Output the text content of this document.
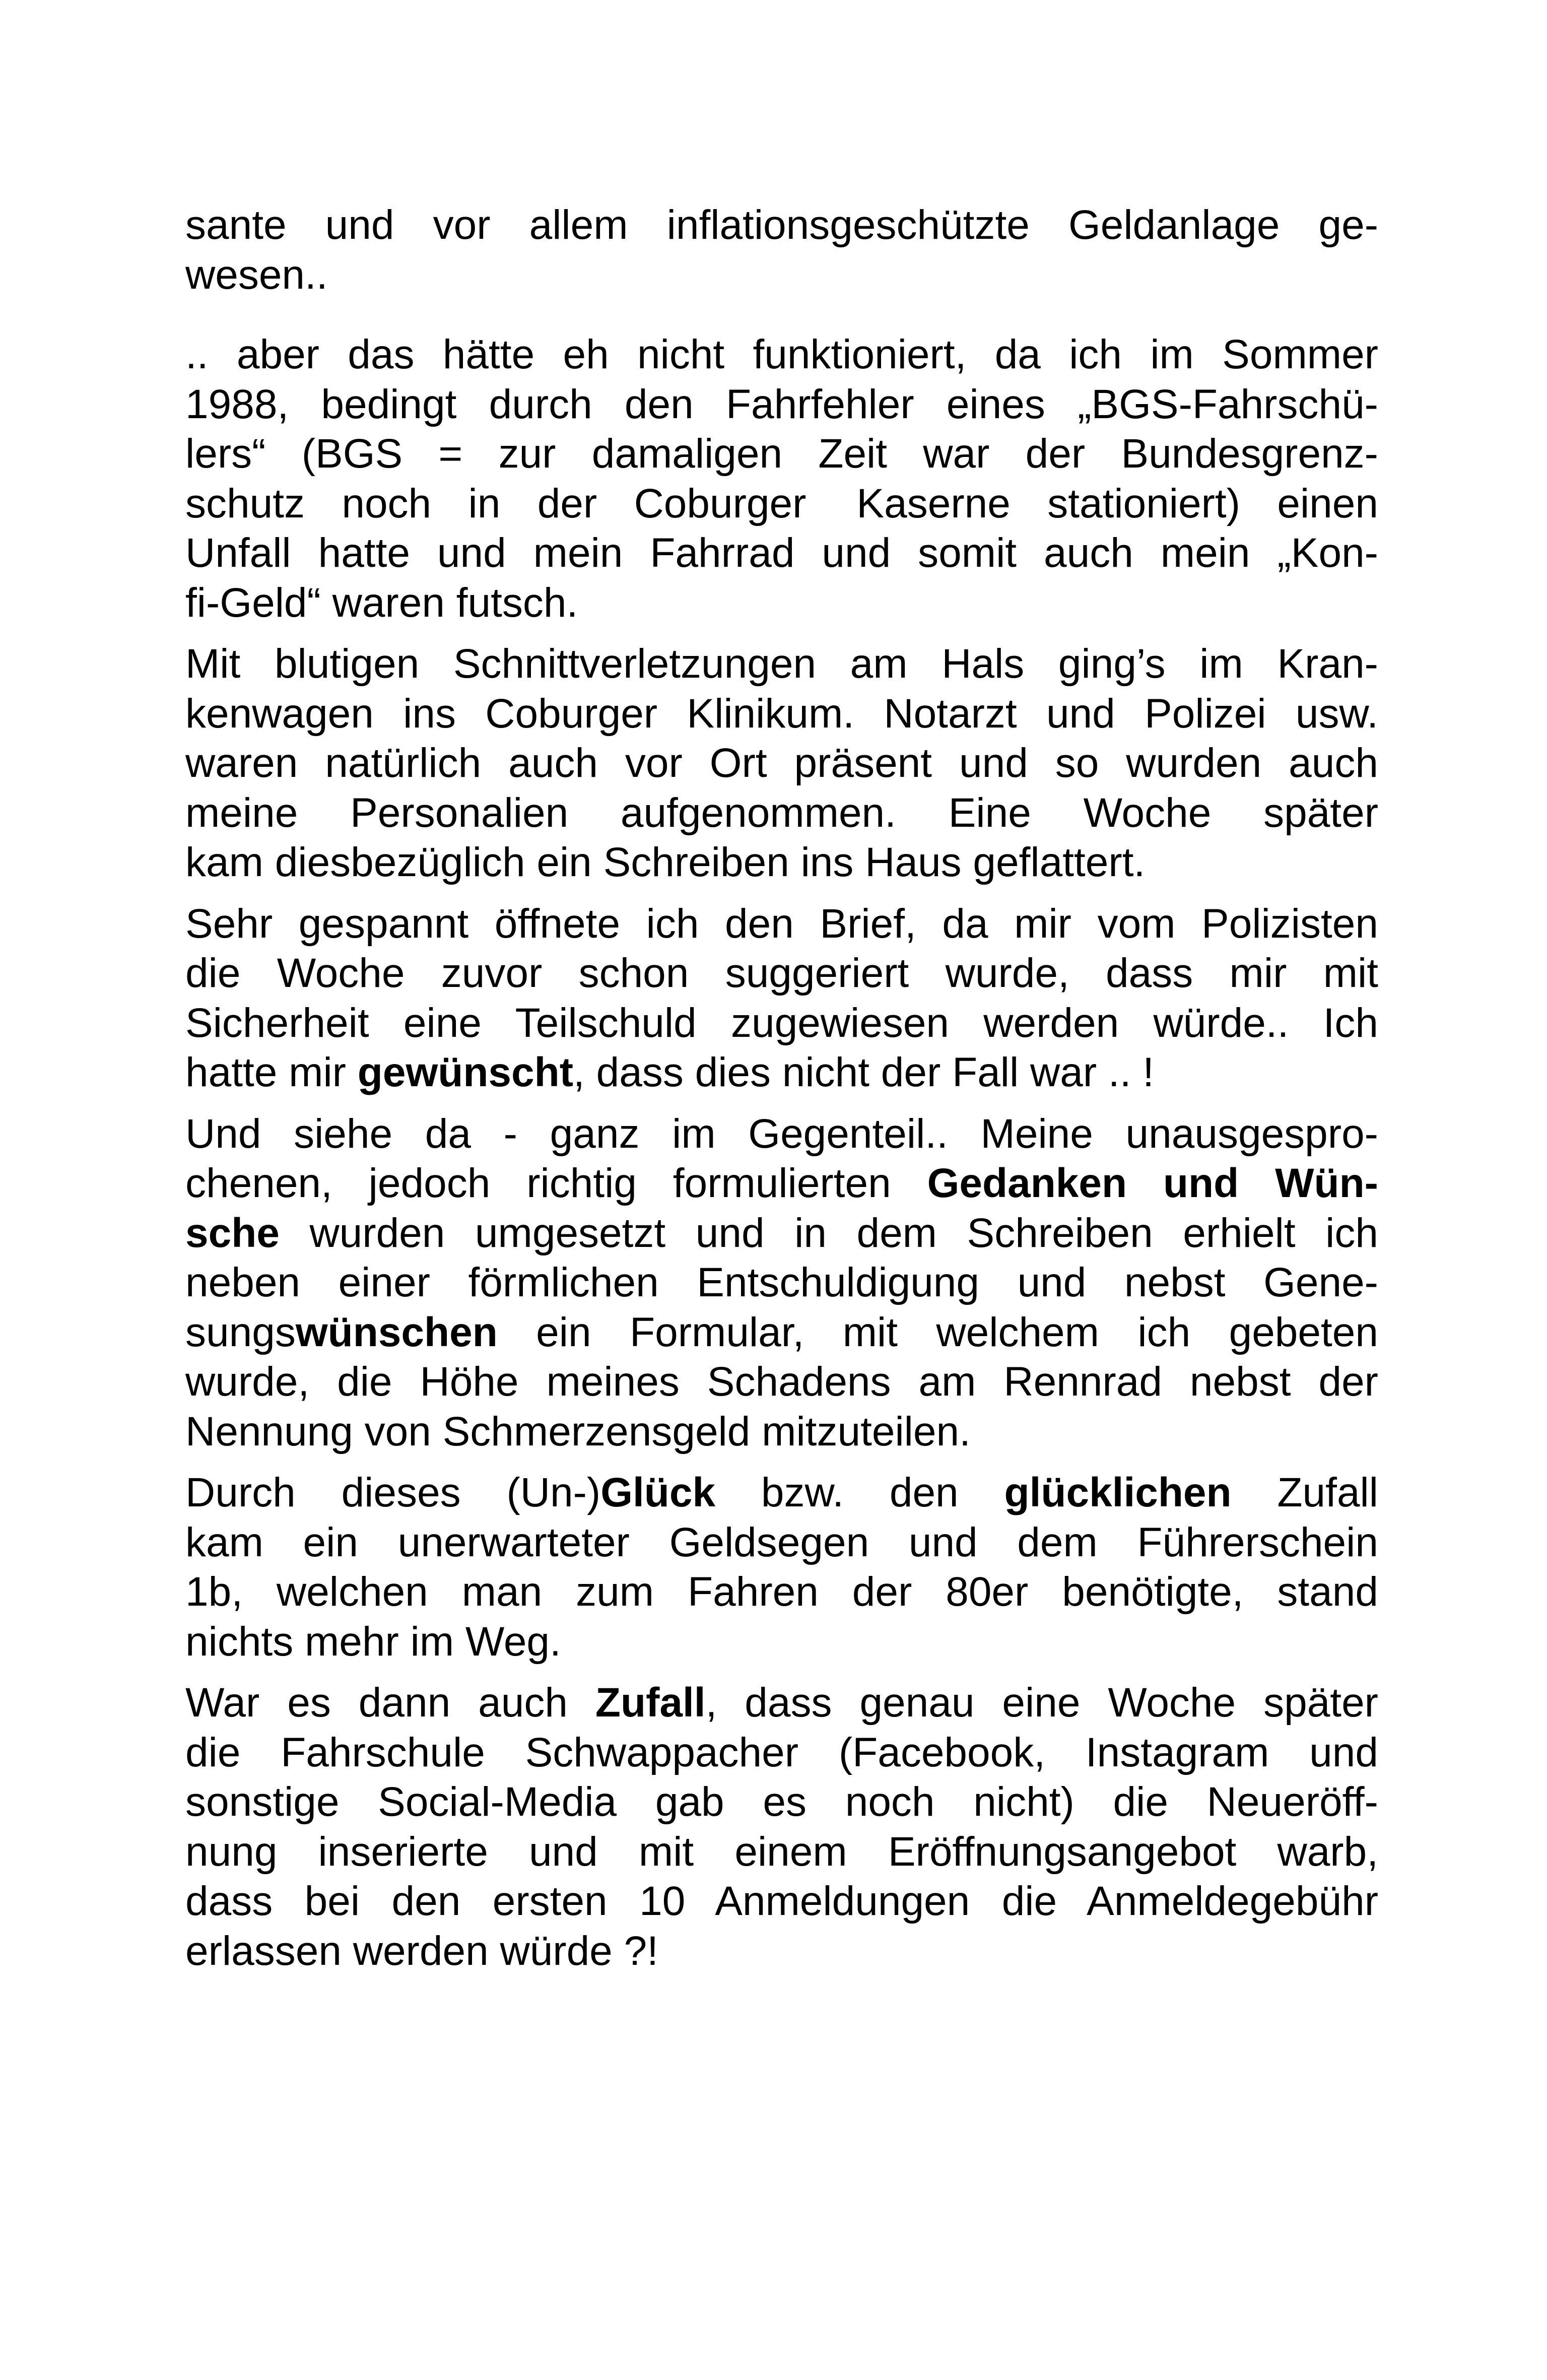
sante und vor allem inflationsgeschützte Geldanlage ge-
wesen..
.. aber das hätte eh nicht funktioniert, da ich im Sommer
1988, bedingt durch den Fahrfehler eines „BGS-Fahrschü-
lers“ (BGS = zur damaligen Zeit war der Bundesgrenz-
schutz noch in der Coburger Kaserne stationiert) einen
Unfall hatte und mein Fahrrad und somit auch mein „Kon-
fi-Geld“ waren futsch.
Mit blutigen Schnittverletzungen am Hals ging’s im Kran-
kenwagen ins Coburger Klinikum. Notarzt und Polizei usw.
waren natürlich auch vor Ort präsent und so wurden auch
meine Personalien aufgenommen. Eine Woche später
kam diesbezüglich ein Schreiben ins Haus geflattert.
Sehr gespannt öffnete ich den Brief, da mir vom Polizisten
die Woche zuvor schon suggeriert wurde, dass mir mit
Sicherheit eine Teilschuld zugewiesen werden würde.. Ich
hatte mir gewünscht, dass dies nicht der Fall war .. !
Und siehe da - ganz im Gegenteil.. Meine unausgespro-
chenen, jedoch richtig formulierten Gedanken und Wün-
sche wurden umgesetzt und in dem Schreiben erhielt ich
neben einer förmlichen Entschuldigung und nebst Gene-
sungswünschen ein Formular, mit welchem ich gebeten
wurde, die Höhe meines Schadens am Rennrad nebst der
Nennung von Schmerzensgeld mitzuteilen.
Durch dieses (Un-)Glück bzw. den glücklichen Zufall
kam ein unerwarteter Geldsegen und dem Führerschein
1b, welchen man zum Fahren der 80er benötigte, stand
nichts mehr im Weg.
War es dann auch Zufall, dass genau eine Woche später
die Fahrschule Schwappacher (Facebook, Instagram und
sonstige Social-Media gab es noch nicht) die Neueröff-
nung inserierte und mit einem Eröffnungsangebot warb,
dass bei den ersten 10 Anmeldungen die Anmeldegebühr
erlassen werden würde ?!
